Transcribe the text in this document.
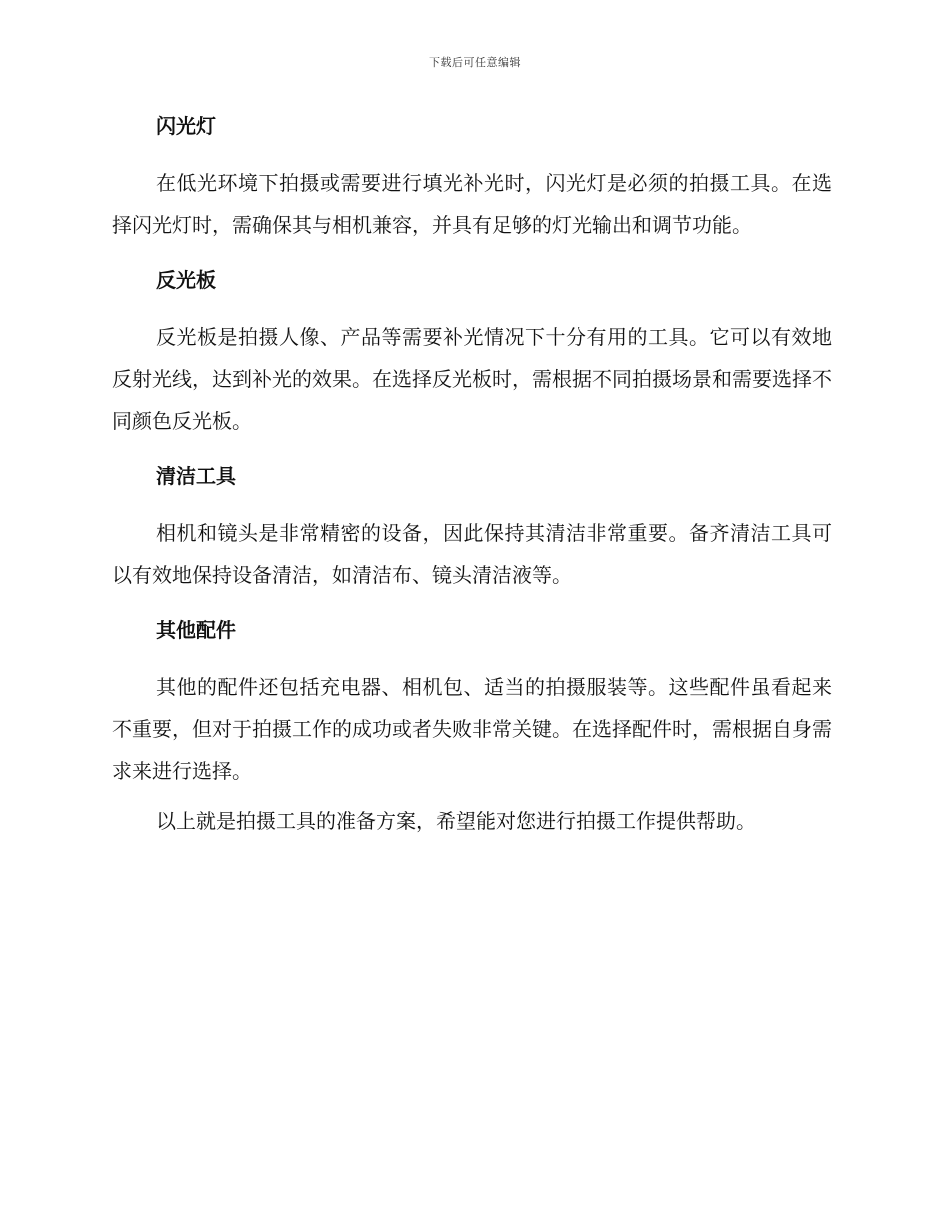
下载后可任意编辑
闪光灯

在低光环境下拍摄或需要进行填光补光时，闪光灯是必须的拍摄工具。在选择闪光灯时，需确保其与相机兼容，并具有足够的灯光输出和调节功能。

反光板

反光板是拍摄人像、产品等需要补光情况下十分有用的工具。它可以有效地反射光线，达到补光的效果。在选择反光板时，需根据不同拍摄场景和需要选择不同颜色反光板。

清洁工具

相机和镜头是非常精密的设备，因此保持其清洁非常重要。备齐清洁工具可以有效地保持设备清洁，如清洁布、镜头清洁液等。

其他配件

其他的配件还包括充电器、相机包、适当的拍摄服装等。这些配件虽看起来不重要，但对于拍摄工作的成功或者失败非常关键。在选择配件时，需根据自身需求来进行选择。

以上就是拍摄工具的准备方案，希望能对您进行拍摄工作提供帮助。
